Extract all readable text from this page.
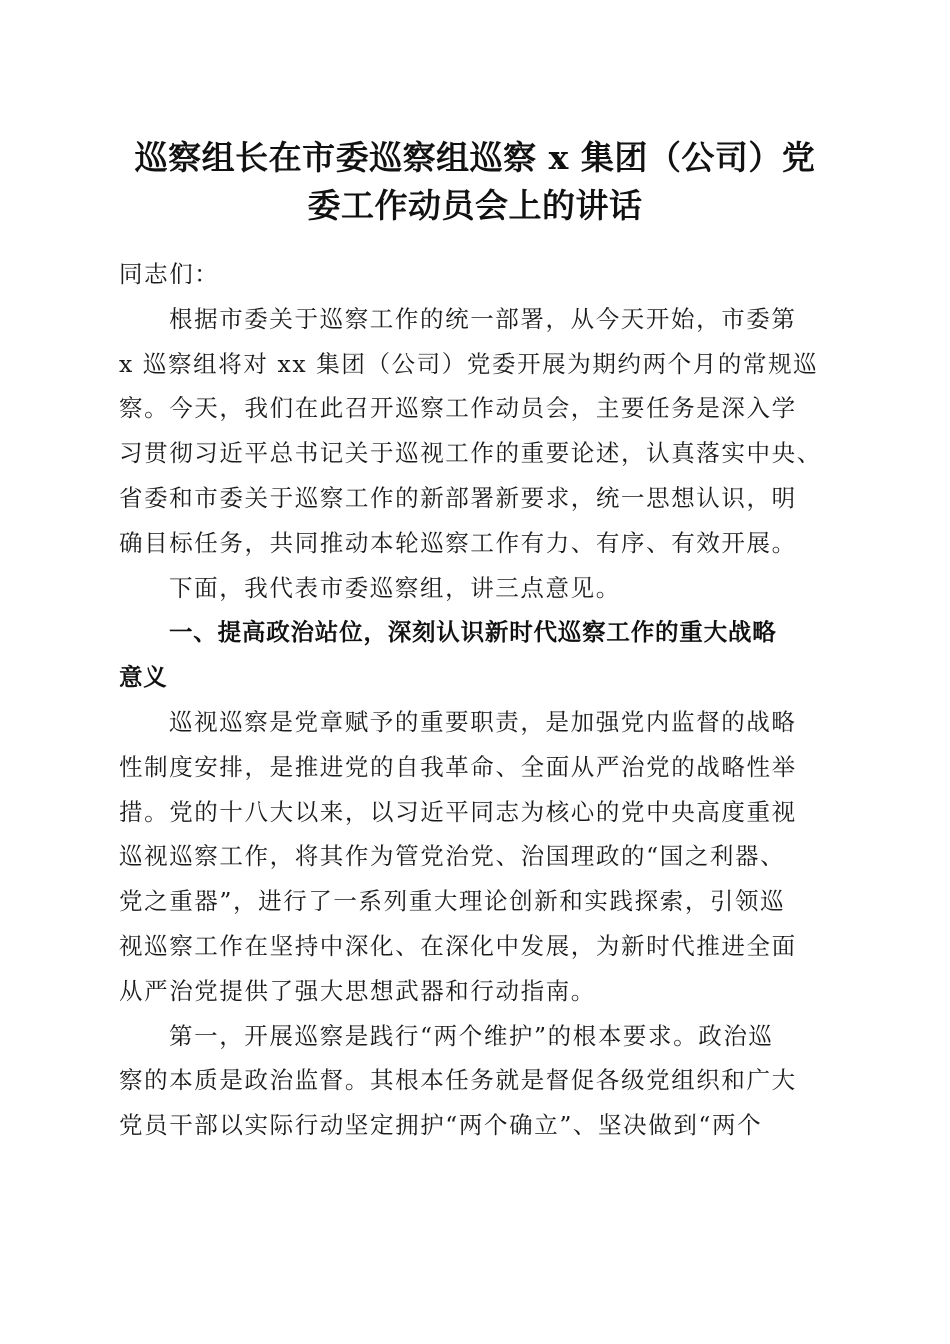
巡察组长在市委巡察组巡察 x 集团（公司）党
委工作动员会上的讲话

同志们：

根据市委关于巡察工作的统一部署，从今天开始，市委第
x 巡察组将对 xx 集团（公司）党委开展为期约两个月的常规巡
察。今天，我们在此召开巡察工作动员会，主要任务是深入学
习贯彻习近平总书记关于巡视工作的重要论述，认真落实中央、
省委和市委关于巡察工作的新部署新要求，统一思想认识，明
确目标任务，共同推动本轮巡察工作有力、有序、有效开展。

下面，我代表市委巡察组，讲三点意见。

一、提高政治站位，深刻认识新时代巡察工作的重大战略
意义

巡视巡察是党章赋予的重要职责，是加强党内监督的战略
性制度安排，是推进党的自我革命、全面从严治党的战略性举
措。党的十八大以来，以习近平同志为核心的党中央高度重视
巡视巡察工作，将其作为管党治党、治国理政的“国之利器、
党之重器”，进行了一系列重大理论创新和实践探索，引领巡
视巡察工作在坚持中深化、在深化中发展，为新时代推进全面
从严治党提供了强大思想武器和行动指南。

第一，开展巡察是践行“两个维护”的根本要求。政治巡
察的本质是政治监督。其根本任务就是督促各级党组织和广大
党员干部以实际行动坚定拥护“两个确立”、坚决做到“两个
